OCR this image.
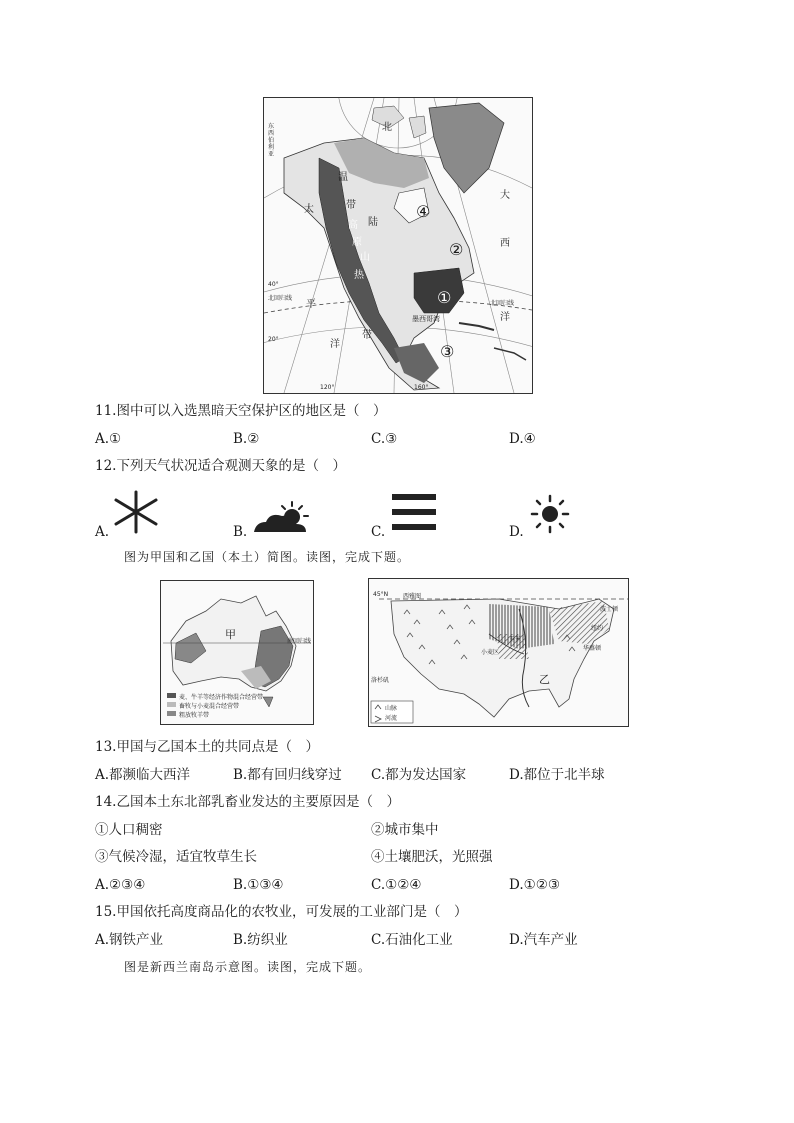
北
温
带
陆
太
平
洋
大
西
洋
热
带
高
原
山
墨西哥湾
④
②
①
③
北回归线
北回归线
东
西
伯
利
亚
120°	160°
20°
40°
11.图中可以入选黑暗天空保护区的地区是（　）
A.①	B.②	C.③	D.④
12.下列天气状况适合观测天象的是（　）
A.	B.	C.	D.
图为甲国和乙国（本土）简图。读图，完成下题。
甲
南回归线
麦、牛羊等经济作物混合经营带
畜牧与小麦混合经营带
粗放牧羊带
45°N 西雅图
洛杉矶	乙
波士顿
纽约
华盛顿
小麦区
玉米
山脉
河流
13.甲国与乙国本土的共同点是（　）
A.都濒临大西洋	B.都有回归线穿过 C.都为发达国家	D.都位于北半球
14.乙国本土东北部乳畜业发达的主要原因是（　）
①人口稠密	②城市集中
③气候冷湿，适宜牧草生长	④土壤肥沃，光照强
A.②③④	B.①③④	C.①②④	D.①②③
15.甲国依托高度商品化的农牧业，可发展的工业部门是（　）
A.钢铁产业	B.纺织业	C.石油化工业	D.汽车产业
图是新西兰南岛示意图。读图，完成下题。
